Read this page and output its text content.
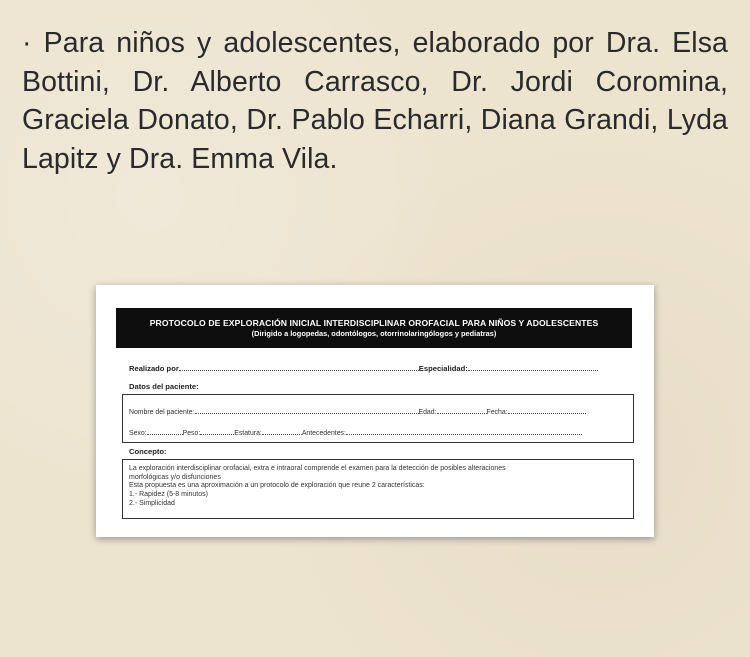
· Para niños y adolescentes, elaborado por Dra. Elsa Bottini, Dr. Alberto Carrasco, Dr. Jordi Coromina, Graciela Donato, Dr. Pablo Echarri, Diana Grandi, Lyda Lapitz y Dra. Emma Vila.
PROTOCOLO DE EXPLORACIÓN INICIAL INTERDISCIPLINAR OROFACIAL PARA NIÑOS Y ADOLESCENTES
(Dirigido a logopedas, odontólogos, otorrinolaringólogos y pediatras)
Realizado por	Especialidad:
Datos del paciente:
Nombre del paciente:	Edad:	Fecha:
Sexo:	Peso:	Estatura:	Antecedentes:
Concepto:
La exploración interdisciplinar orofacial, extra e intraoral comprende el examen para la detección de posibles alteraciones
morfológicas y/o disfunciones
Esta propuesta es una aproximación a un protocolo de exploración que reune 2 características:
1.- Rapidez (5-8 minutos)
2.- Simplicidad
